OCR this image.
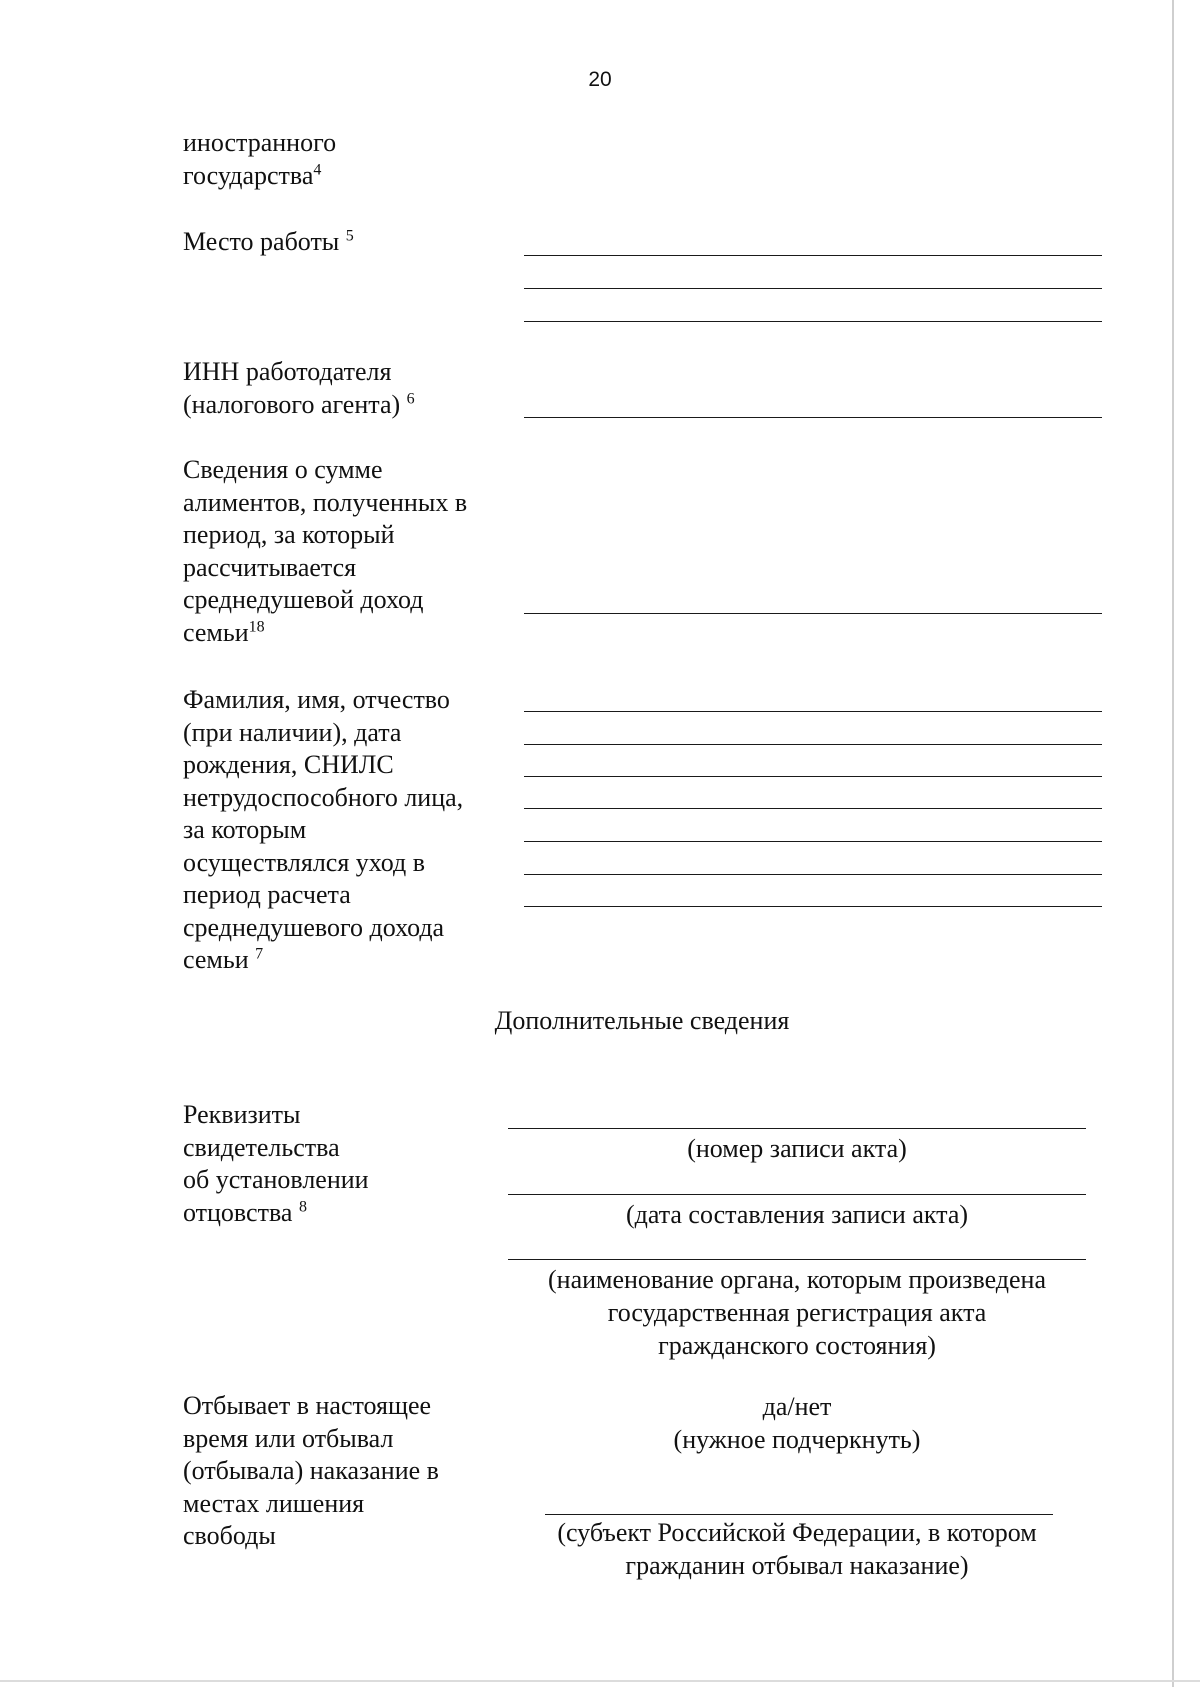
20
иностранного
государства$^4$
Место работы $^5$
ИНН работодателя
(налогового агента) $^6$
Сведения о сумме
алиментов, полученных в
период, за который
рассчитывается
среднедушевой доход
семьи$^{18}$
Фамилия, имя, отчество
(при наличии), дата
рождения, СНИЛС
нетрудоспособного лица,
за которым
осуществлялся уход в
период расчета
среднедушевого дохода
семьи $^7$
Дополнительные сведения
Реквизиты
свидетельства
об установлении
отцовства $^8$
(номер записи акта)
(дата составления записи акта)
(наименование органа, которым произведена
государственная регистрация акта
гражданского состояния)
Отбывает в настоящее
время или отбывал
(отбывала) наказание в
местах лишения
свободы
да/нет
(нужное подчеркнуть)
(субъект Российской Федерации, в котором
гражданин отбывал наказание)
